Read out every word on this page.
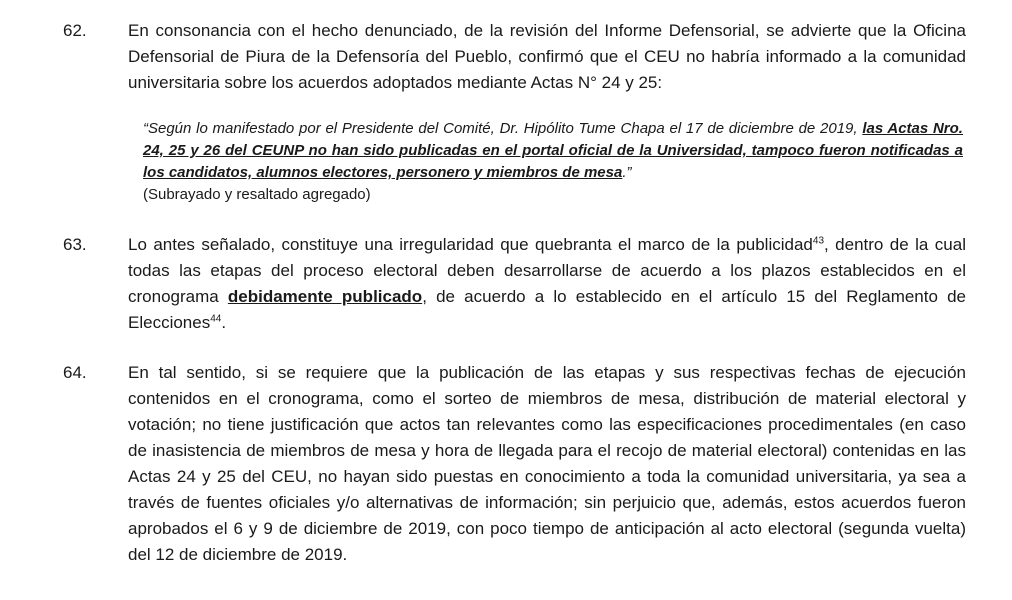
62.	En consonancia con el hecho denunciado, de la revisión del Informe Defensorial, se advierte que la Oficina Defensorial de Piura de la Defensoría del Pueblo, confirmó que el CEU no habría informado a la comunidad universitaria sobre los acuerdos adoptados mediante Actas N° 24 y 25:
“Según lo manifestado por el Presidente del Comité, Dr. Hipólito Tume Chapa el 17 de diciembre de 2019, las Actas Nro. 24, 25 y 26 del CEUNP no han sido publicadas en el portal oficial de la Universidad, tampoco fueron notificadas a los candidatos, alumnos electores, personero y miembros de mesa.”
(Subrayado y resaltado agregado)
63.	Lo antes señalado, constituye una irregularidad que quebranta el marco de la publicidad$^{43}$, dentro de la cual todas las etapas del proceso electoral deben desarrollarse de acuerdo a los plazos establecidos en el cronograma debidamente publicado, de acuerdo a lo establecido en el artículo 15 del Reglamento de Elecciones$^{44}$.
64.	En tal sentido, si se requiere que la publicación de las etapas y sus respectivas fechas de ejecución contenidos en el cronograma, como el sorteo de miembros de mesa, distribución de material electoral y votación; no tiene justificación que actos tan relevantes como las especificaciones procedimentales (en caso de inasistencia de miembros de mesa y hora de llegada para el recojo de material electoral) contenidas en las Actas 24 y 25 del CEU, no hayan sido puestas en conocimiento a toda la comunidad universitaria, ya sea a través de fuentes oficiales y/o alternativas de información; sin perjuicio que, además, estos acuerdos fueron aprobados el 6 y 9 de diciembre de 2019, con poco tiempo de anticipación al acto electoral (segunda vuelta) del 12 de diciembre de 2019.
